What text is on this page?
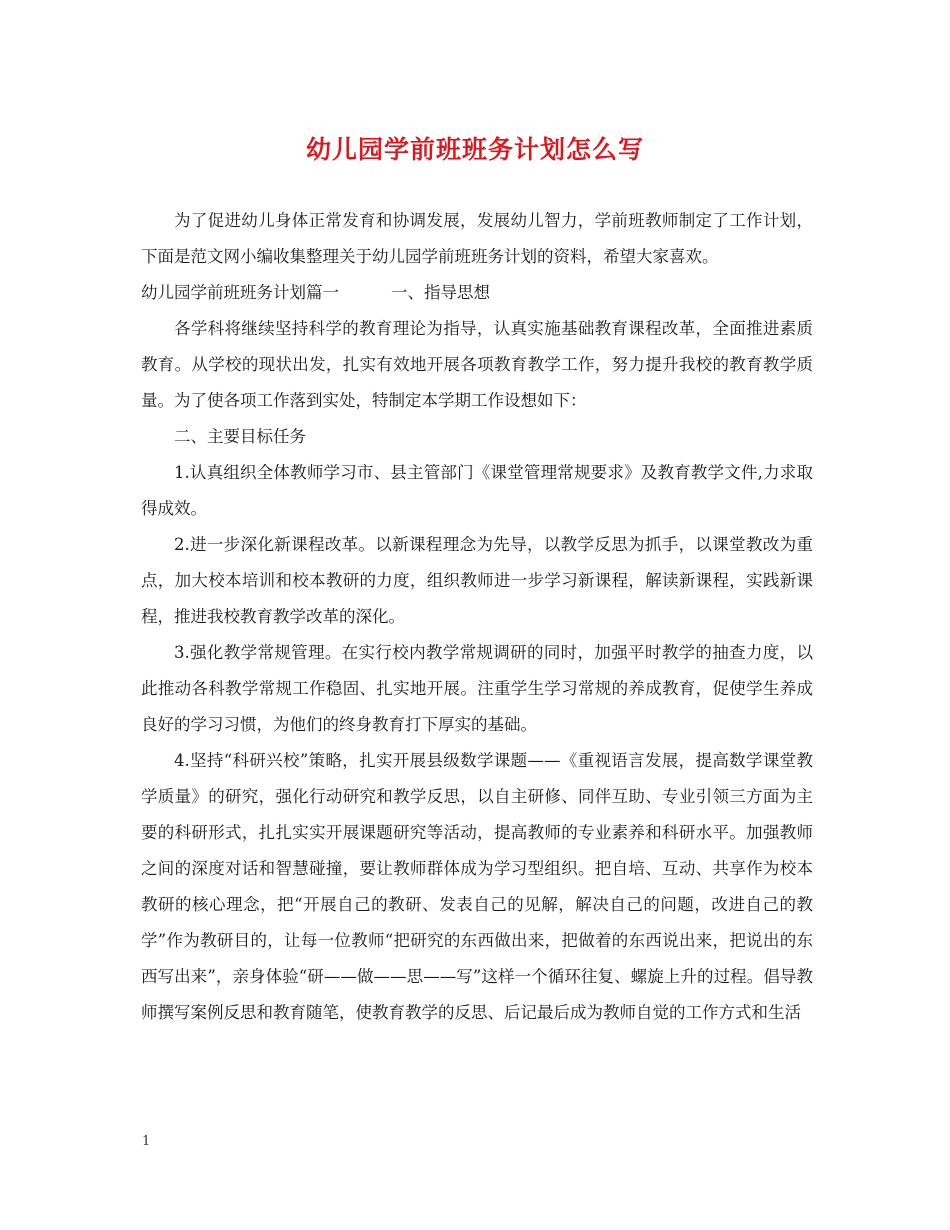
幼儿园学前班班务计划怎么写

为了促进幼儿身体正常发育和协调发展，发展幼儿智力，学前班教师制定了工作计划，下面是范文网小编收集整理关于幼儿园学前班班务计划的资料，希望大家喜欢。

幼儿园学前班班务计划篇一	一、指导思想

各学科将继续坚持科学的教育理论为指导，认真实施基础教育课程改革，全面推进素质教育。从学校的现状出发，扎实有效地开展各项教育教学工作，努力提升我校的教育教学质量。为了使各项工作落到实处，特制定本学期工作设想如下：

二、主要目标任务

1.认真组织全体教师学习市、县主管部门《课堂管理常规要求》及教育教学文件,力求取得成效。

2.进一步深化新课程改革。以新课程理念为先导，以教学反思为抓手，以课堂教改为重点，加大校本培训和校本教研的力度，组织教师进一步学习新课程，解读新课程，实践新课程，推进我校教育教学改革的深化。

3.强化教学常规管理。在实行校内教学常规调研的同时，加强平时教学的抽查力度，以此推动各科教学常规工作稳固、扎实地开展。注重学生学习常规的养成教育，促使学生养成良好的学习习惯，为他们的终身教育打下厚实的基础。

4.坚持“科研兴校”策略，扎实开展县级数学课题——《重视语言发展，提高数学课堂教学质量》的研究，强化行动研究和教学反思，以自主研修、同伴互助、专业引领三方面为主要的科研形式，扎扎实实开展课题研究等活动，提高教师的专业素养和科研水平。加强教师之间的深度对话和智慧碰撞，要让教师群体成为学习型组织。把自培、互动、共享作为校本教研的核心理念，把“开展自己的教研、发表自己的见解，解决自己的问题，改进自己的教学”作为教研目的，让每一位教师“把研究的东西做出来，把做着的东西说出来，把说出的东西写出来”，亲身体验“研——做——思——写”这样一个循环往复、螺旋上升的过程。倡导教师撰写案例反思和教育随笔，使教育教学的反思、后记最后成为教师自觉的工作方式和生活

1
